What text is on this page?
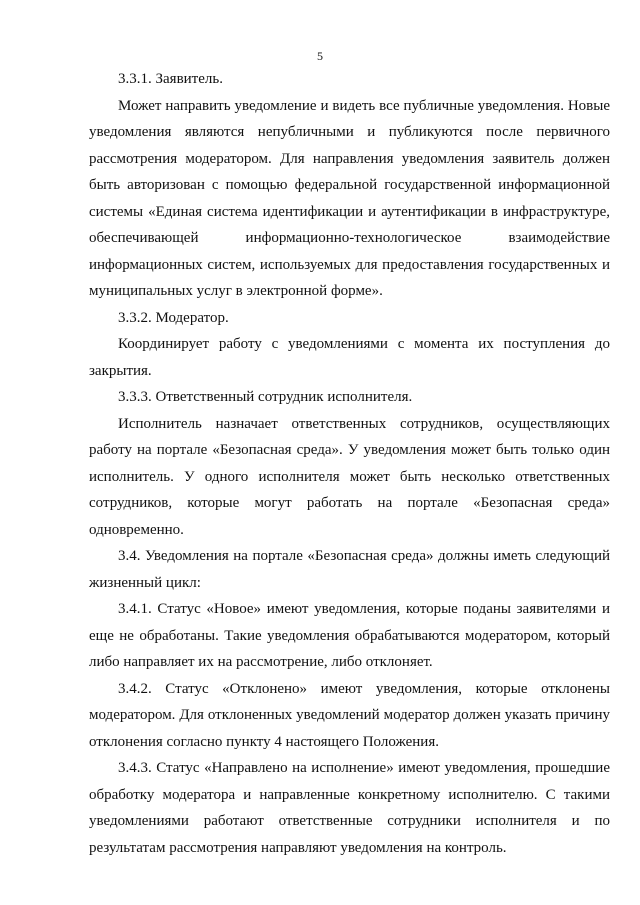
5

3.3.1. Заявитель.

Может направить уведомление и видеть все публичные уведомления. Новые уведомления являются непубличными и публикуются после первичного рассмотрения модератором. Для направления уведомления заявитель должен быть авторизован с помощью федеральной государственной информационной системы «Единая система идентификации и аутентификации в инфраструктуре, обеспечивающей информационно-технологическое взаимодействие информационных систем, используемых для предоставления государственных и муниципальных услуг в электронной форме».

3.3.2. Модератор.

Координирует работу с уведомлениями с момента их поступления до закрытия.

3.3.3. Ответственный сотрудник исполнителя.

Исполнитель назначает ответственных сотрудников, осуществляющих работу на портале «Безопасная среда». У уведомления может быть только один исполнитель. У одного исполнителя может быть несколько ответственных сотрудников, которые могут работать на портале «Безопасная среда» одновременно.

3.4. Уведомления на портале «Безопасная среда» должны иметь следующий жизненный цикл:

3.4.1. Статус «Новое» имеют уведомления, которые поданы заявителями и еще не обработаны. Такие уведомления обрабатываются модератором, который либо направляет их на рассмотрение, либо отклоняет.

3.4.2. Статус «Отклонено» имеют уведомления, которые отклонены модератором. Для отклоненных уведомлений модератор должен указать причину отклонения согласно пункту 4 настоящего Положения.

3.4.3. Статус «Направлено на исполнение» имеют уведомления, прошедшие обработку модератора и направленные конкретному исполнителю. С такими уведомлениями работают ответственные сотрудники исполнителя и по результатам рассмотрения направляют уведомления на контроль.
